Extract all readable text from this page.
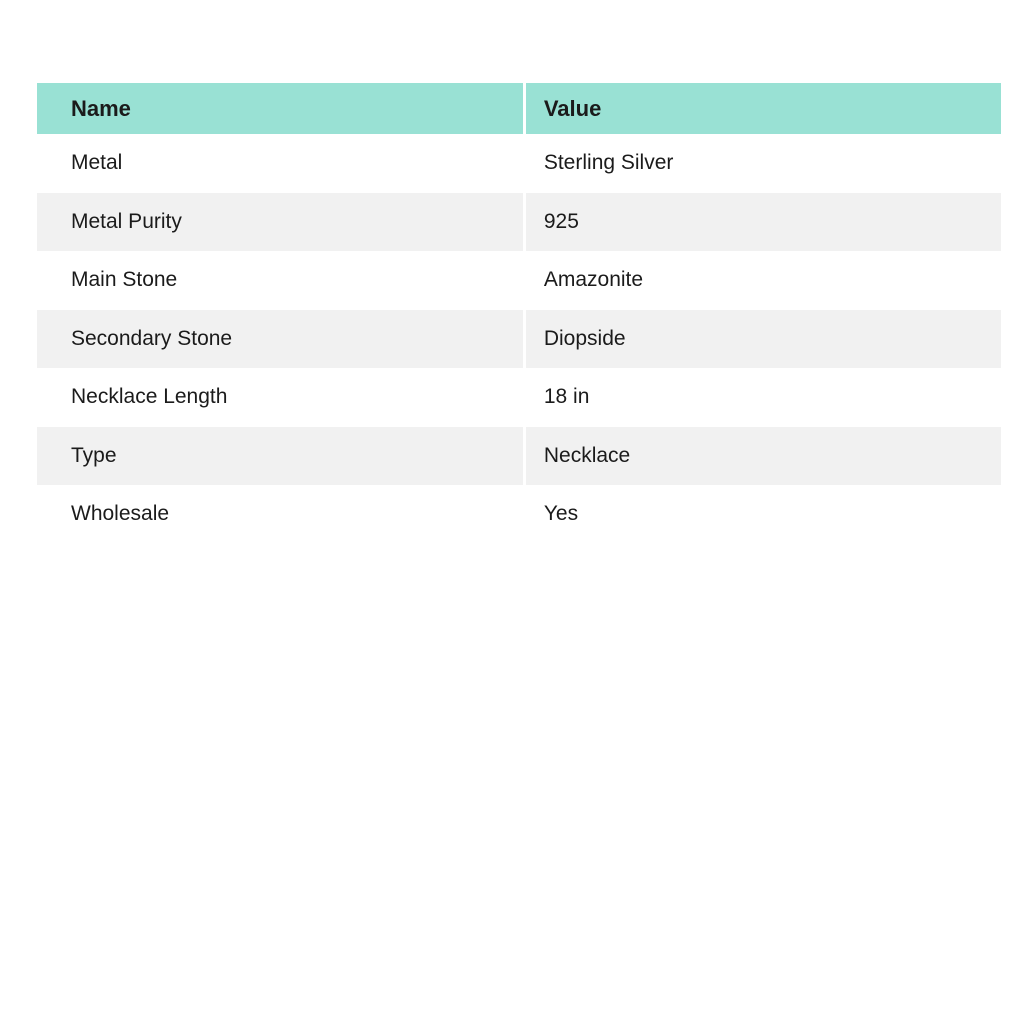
Name	Value
Metal	Sterling Silver
Metal Purity	925
Main Stone	Amazonite
Secondary Stone	Diopside
Necklace Length	18 in
Type	Necklace
Wholesale	Yes
